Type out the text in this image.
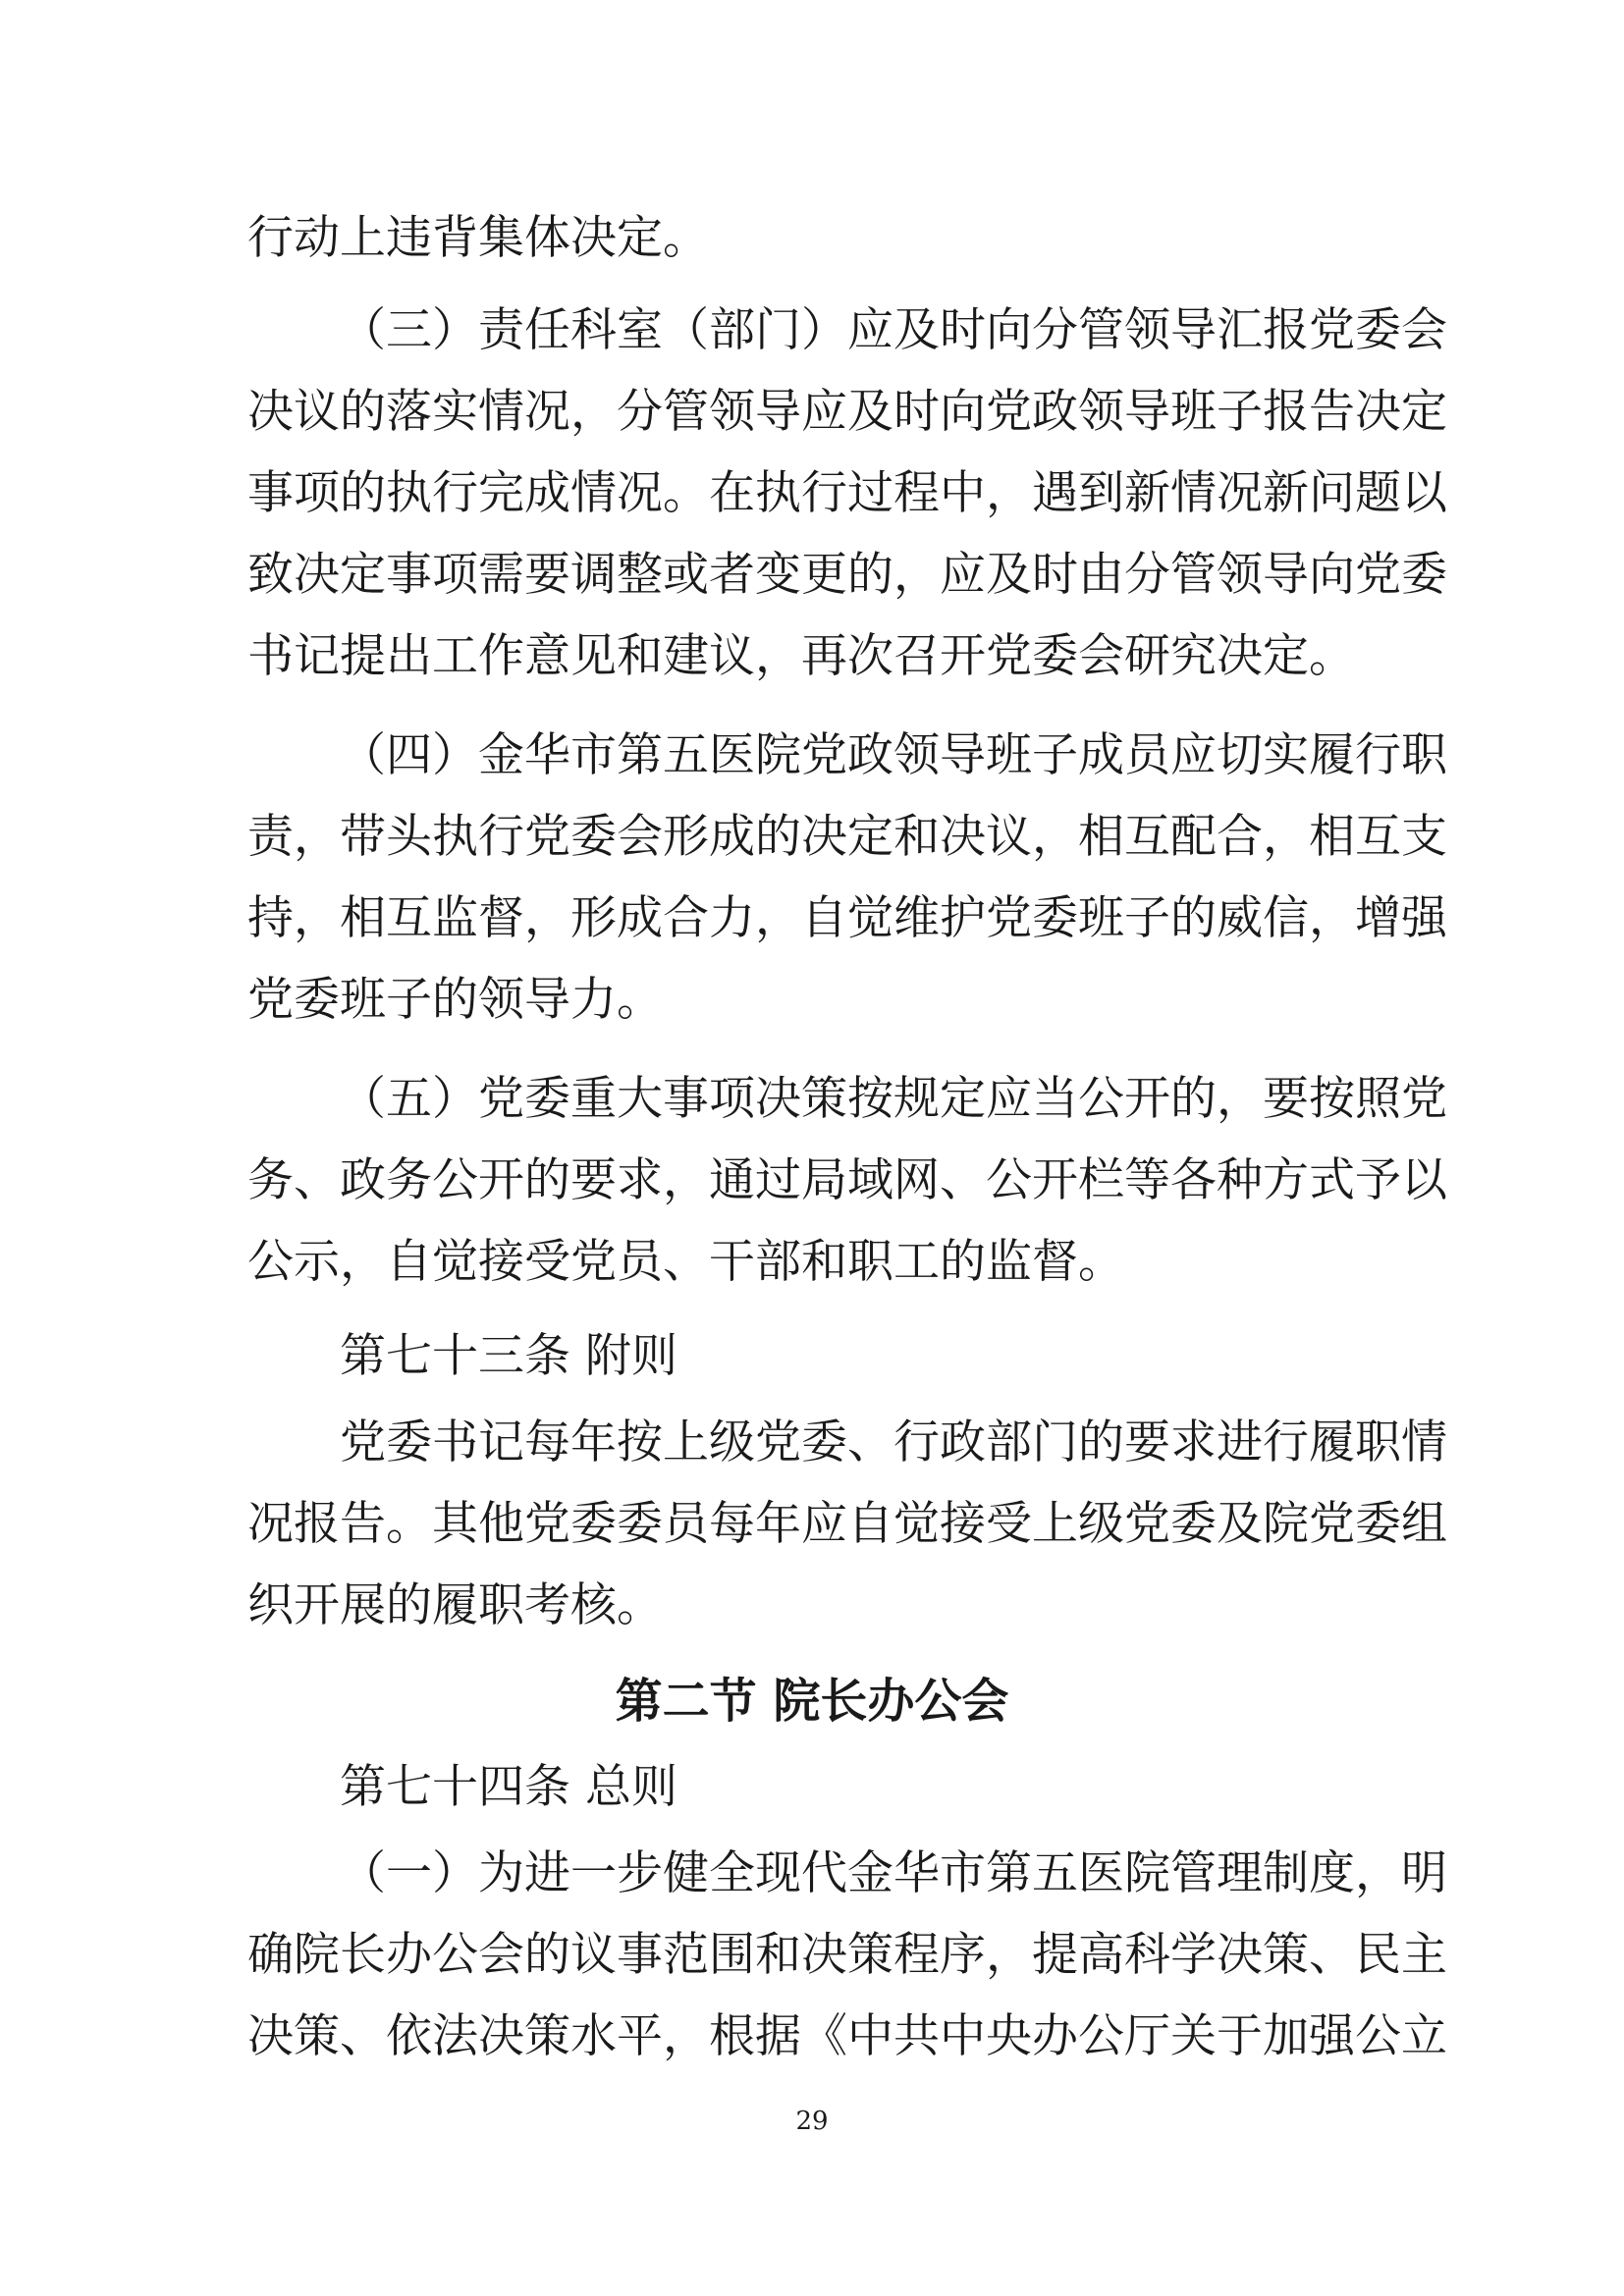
行动上违背集体决定。
（三）责任科室（部门）应及时向分管领导汇报党委会
决议的落实情况，分管领导应及时向党政领导班子报告决定
事项的执行完成情况。在执行过程中，遇到新情况新问题以
致决定事项需要调整或者变更的，应及时由分管领导向党委
书记提出工作意见和建议，再次召开党委会研究决定。
（四）金华市第五医院党政领导班子成员应切实履行职
责，带头执行党委会形成的决定和决议，相互配合，相互支
持，相互监督，形成合力，自觉维护党委班子的威信，增强
党委班子的领导力。
（五）党委重大事项决策按规定应当公开的，要按照党
务、政务公开的要求，通过局域网、公开栏等各种方式予以
公示，自觉接受党员、干部和职工的监督。
第七十三条 附则
党委书记每年按上级党委、行政部门的要求进行履职情
况报告。其他党委委员每年应自觉接受上级党委及院党委组
织开展的履职考核。
第二节 院长办公会
第七十四条 总则
（一）为进一步健全现代金华市第五医院管理制度，明
确院长办公会的议事范围和决策程序，提高科学决策、民主
决策、依法决策水平，根据《中共中央办公厅关于加强公立
29
